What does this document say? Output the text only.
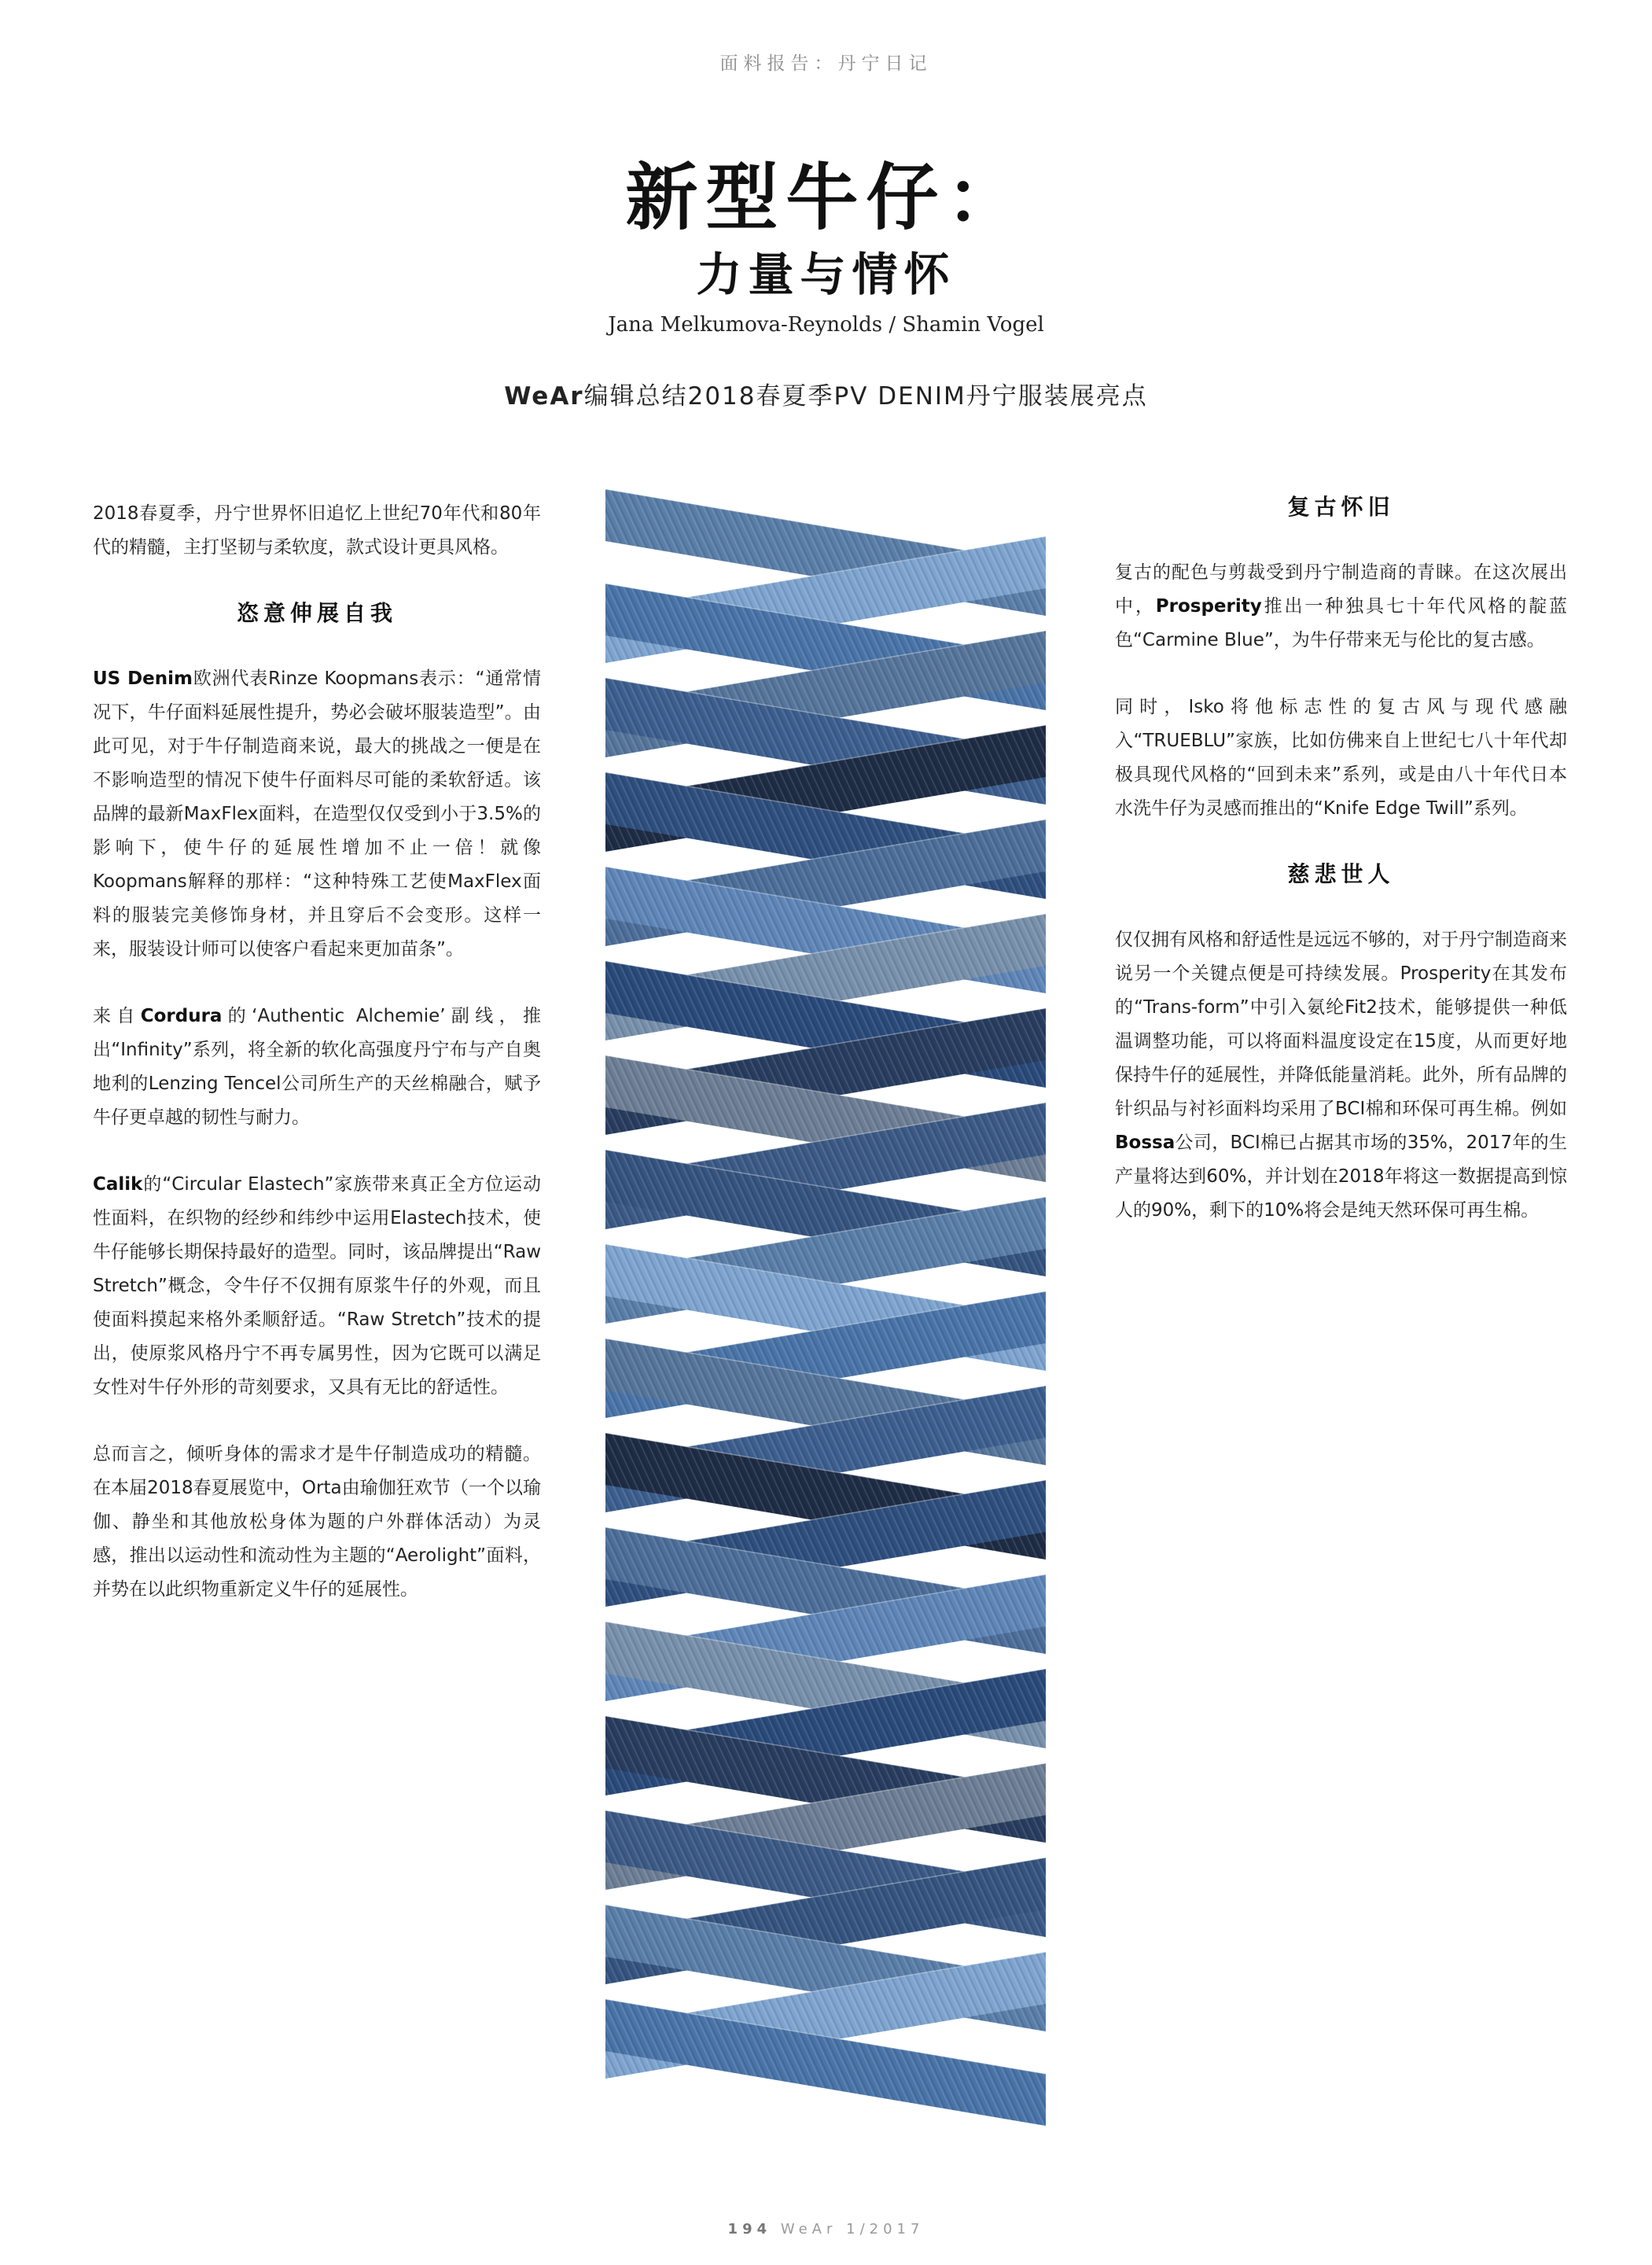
面料报告：丹宁日记
新型牛仔：
力量与情怀
Jana Melkumova-Reynolds / Shamin Vogel
WeAr编辑总结2018春夏季PV DENIM丹宁服装展亮点

2018春夏季，丹宁世界怀旧追忆上世纪70年代和80年代的精髓，主打坚韧与柔软度，款式设计更具风格。

恣意伸展自我

US Denim欧洲代表Rinze Koopmans表示：“通常情况下，牛仔面料延展性提升，势必会破坏服装造型”。由此可见，对于牛仔制造商来说，最大的挑战之一便是在不影响造型的情况下使牛仔面料尽可能的柔软舒适。该品牌的最新MaxFlex面料，在造型仅仅受到小于3.5%的影响下，使牛仔的延展性增加不止一倍！就像Koopmans解释的那样：“这种特殊工艺使MaxFlex面料的服装完美修饰身材，并且穿后不会变形。这样一来，服装设计师可以使客户看起来更加苗条”。

来自Cordura的‘Authentic Alchemie’副线，推出“Infinity”系列，将全新的软化高强度丹宁布与产自奥地利的Lenzing Tencel公司所生产的天丝棉融合，赋予牛仔更卓越的韧性与耐力。

Calik的“Circular Elastech”家族带来真正全方位运动性面料，在织物的经纱和纬纱中运用Elastech技术，使牛仔能够长期保持最好的造型。同时，该品牌提出“Raw Stretch”概念，令牛仔不仅拥有原浆牛仔的外观，而且使面料摸起来格外柔顺舒适。“Raw Stretch”技术的提出，使原浆风格丹宁不再专属男性，因为它既可以满足女性对牛仔外形的苛刻要求，又具有无比的舒适性。

总而言之，倾听身体的需求才是牛仔制造成功的精髓。在本届2018春夏展览中，Orta由瑜伽狂欢节（一个以瑜伽、静坐和其他放松身体为题的户外群体活动）为灵感，推出以运动性和流动性为主题的“Aerolight”面料，并势在以此织物重新定义牛仔的延展性。

复古怀旧

复古的配色与剪裁受到丹宁制造商的青睐。在这次展出中，Prosperity推出一种独具七十年代风格的靛蓝色“Carmine Blue”，为牛仔带来无与伦比的复古感。

同时，Isko将他标志性的复古风与现代感融入“TRUEBLU”家族，比如仿佛来自上世纪七八十年代却极具现代风格的“回到未来”系列，或是由八十年代日本水洗牛仔为灵感而推出的“Knife Edge Twill”系列。

慈悲世人

仅仅拥有风格和舒适性是远远不够的，对于丹宁制造商来说另一个关键点便是可持续发展。Prosperity在其发布的“Trans-form”中引入氨纶Fit2技术，能够提供一种低温调整功能，可以将面料温度设定在15度，从而更好地保持牛仔的延展性，并降低能量消耗。此外，所有品牌的针织品与衬衫面料均采用了BCI棉和环保可再生棉。例如Bossa公司，BCI棉已占据其市场的35%，2017年的生产量将达到60%，并计划在2018年将这一数据提高到惊人的90%，剩下的10%将会是纯天然环保可再生棉。

194 WeAr 1/2017
